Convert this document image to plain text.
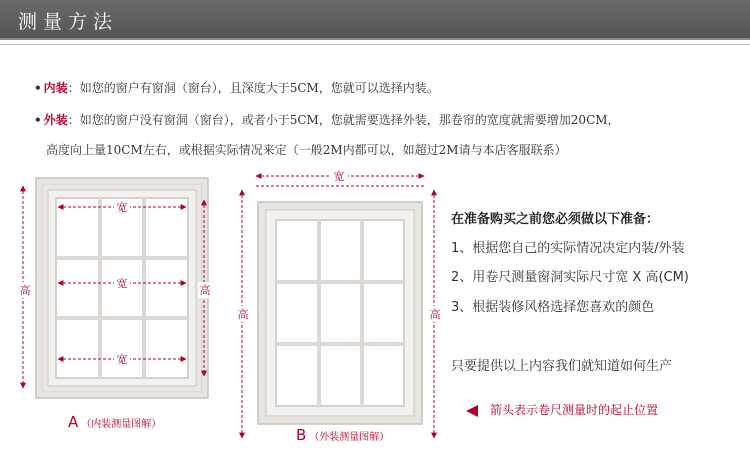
测量方法
• 内装：如您的窗户有窗洞（窗台），且深度大于5CM，您就可以选择内装。
• 外装：如您的窗户没有窗洞（窗台），或者小于5CM，您就需要选择外装，那卷帘的宽度就需要增加20CM，
高度向上量10CM左右，或根据实际情况来定（一般2M内都可以，如超过2M请与本店客服联系）
高	高
宽
宽
宽
A （内装测量图解）
宽
高	高
B （外装测量图解）
在准备购买之前您必须做以下准备：
1、根据您自己的实际情况决定内装/外装
2、用卷尺测量窗洞实际尺寸宽 X 高(CM)
3、根据装修风格选择您喜欢的颜色
只要提供以上内容我们就知道如何生产
箭头表示卷尺测量时的起止位置
